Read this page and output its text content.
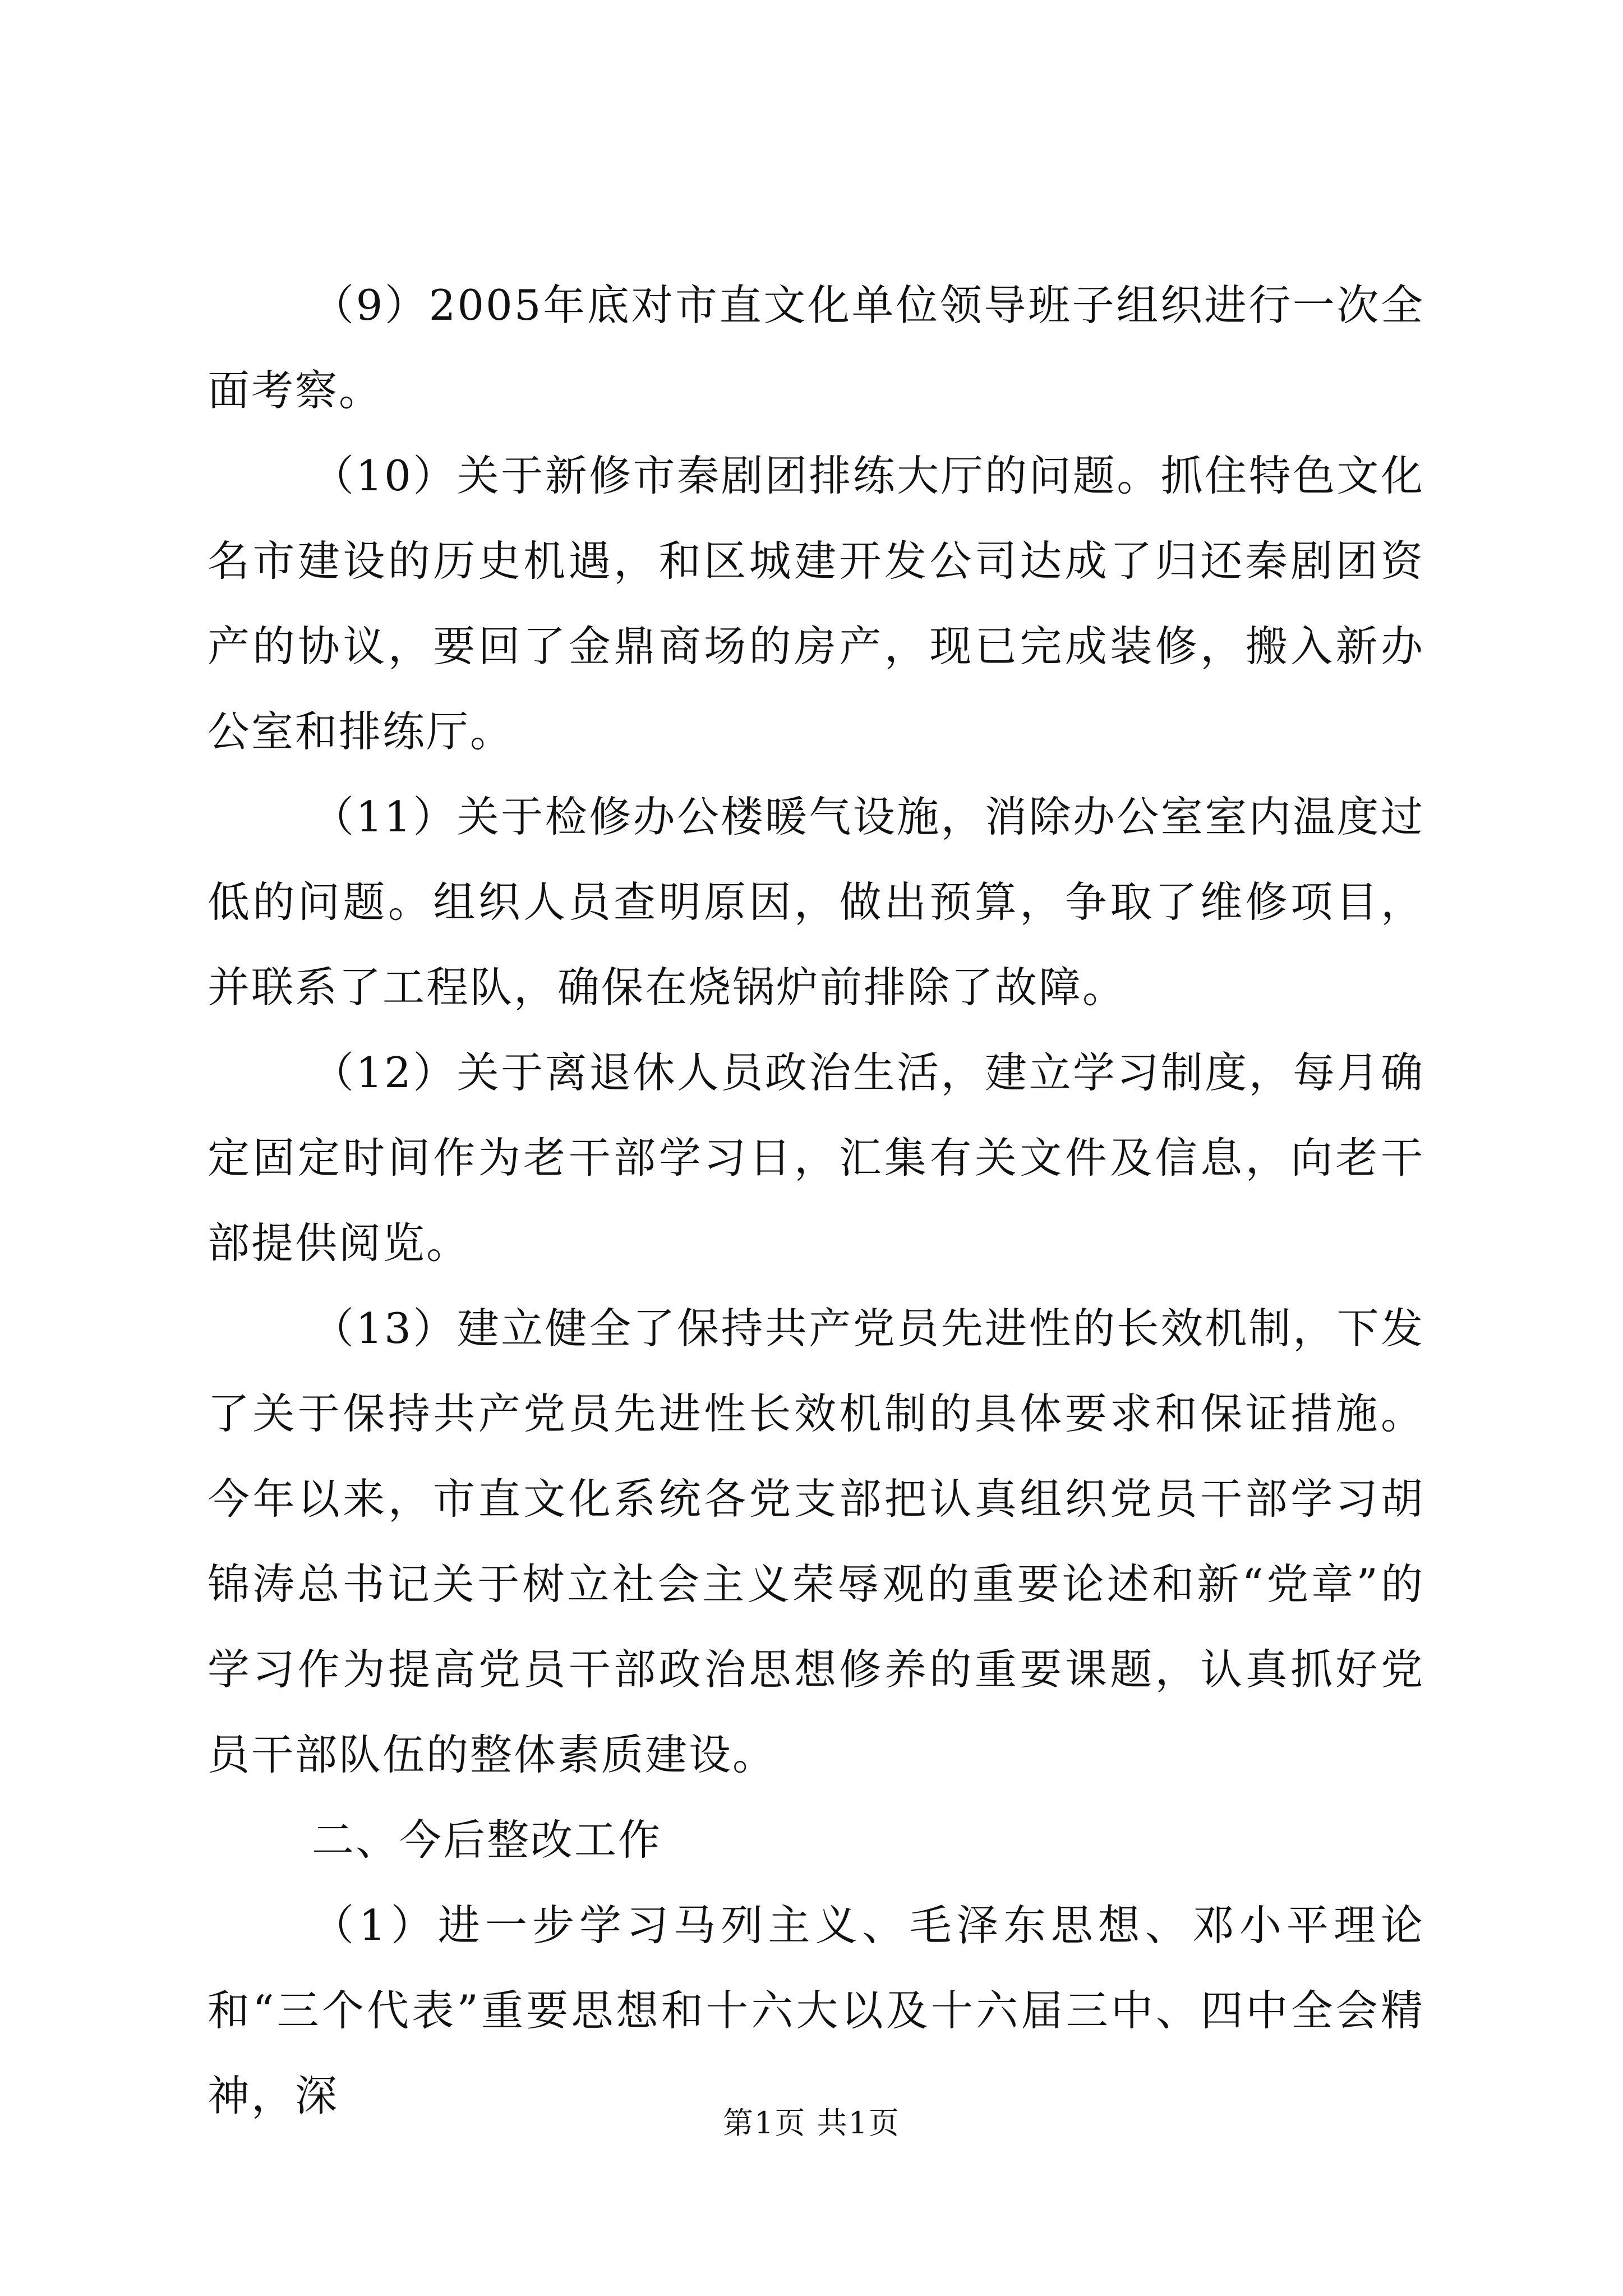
（9）2005年底对市直文化单位领导班子组织进行一次全面考察。

（10）关于新修市秦剧团排练大厅的问题。抓住特色文化名市建设的历史机遇，和区城建开发公司达成了归还秦剧团资产的协议，要回了金鼎商场的房产，现已完成装修，搬入新办公室和排练厅。

（11）关于检修办公楼暖气设施，消除办公室室内温度过低的问题。组织人员查明原因，做出预算，争取了维修项目，并联系了工程队，确保在烧锅炉前排除了故障。

（12）关于离退休人员政治生活，建立学习制度，每月确定固定时间作为老干部学习日，汇集有关文件及信息，向老干部提供阅览。

（13）建立健全了保持共产党员先进性的长效机制，下发了关于保持共产党员先进性长效机制的具体要求和保证措施。今年以来，市直文化系统各党支部把认真组织党员干部学习胡锦涛总书记关于树立社会主义荣辱观的重要论述和新“党章”的学习作为提高党员干部政治思想修养的重要课题，认真抓好党员干部队伍的整体素质建设。

二、今后整改工作

（1）进一步学习马列主义、毛泽东思想、邓小平理论和“三个代表”重要思想和十六大以及十六届三中、四中全会精神，深

第1页 共1页
